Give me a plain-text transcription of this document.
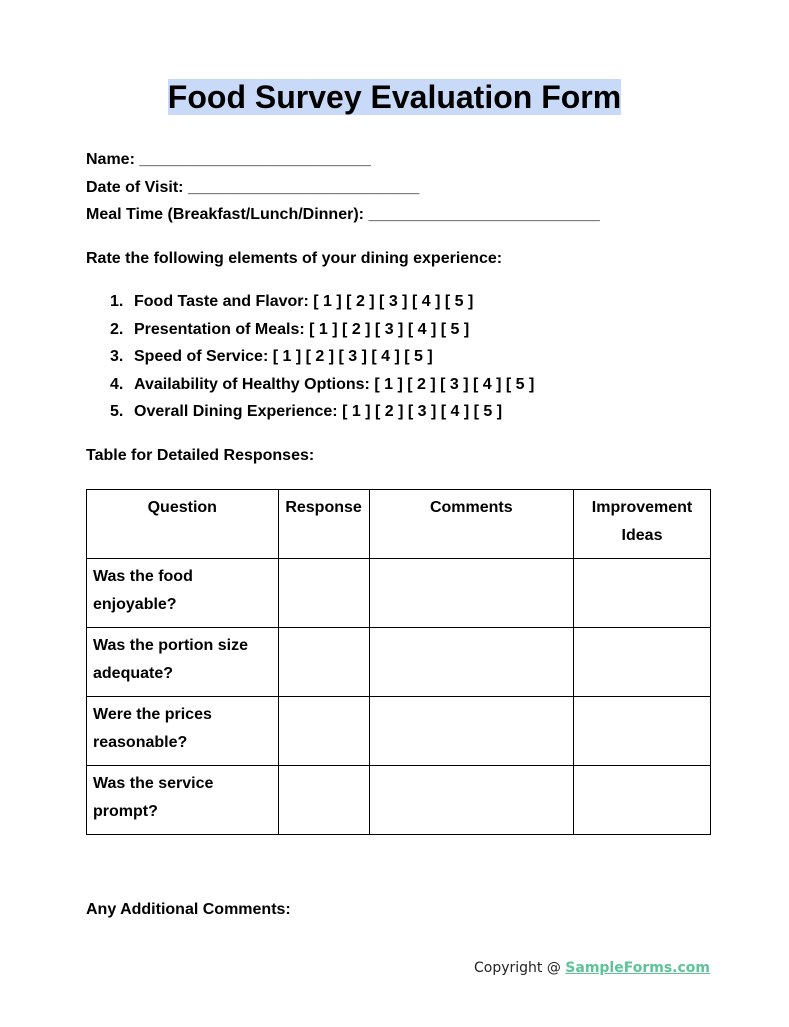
Food Survey Evaluation Form
Name: __________________________
Date of Visit: __________________________
Meal Time (Breakfast/Lunch/Dinner): __________________________
Rate the following elements of your dining experience:
1. Food Taste and Flavor: [ 1 ] [ 2 ] [ 3 ] [ 4 ] [ 5 ]
2. Presentation of Meals: [ 1 ] [ 2 ] [ 3 ] [ 4 ] [ 5 ]
3. Speed of Service: [ 1 ] [ 2 ] [ 3 ] [ 4 ] [ 5 ]
4. Availability of Healthy Options: [ 1 ] [ 2 ] [ 3 ] [ 4 ] [ 5 ]
5. Overall Dining Experience: [ 1 ] [ 2 ] [ 3 ] [ 4 ] [ 5 ]
Table for Detailed Responses:
Question	Response	Comments	Improvement Ideas
Was the food enjoyable?			
Was the portion size adequate?			
Were the prices reasonable?			
Was the service prompt?			
Any Additional Comments:
Copyright @ SampleForms.com
